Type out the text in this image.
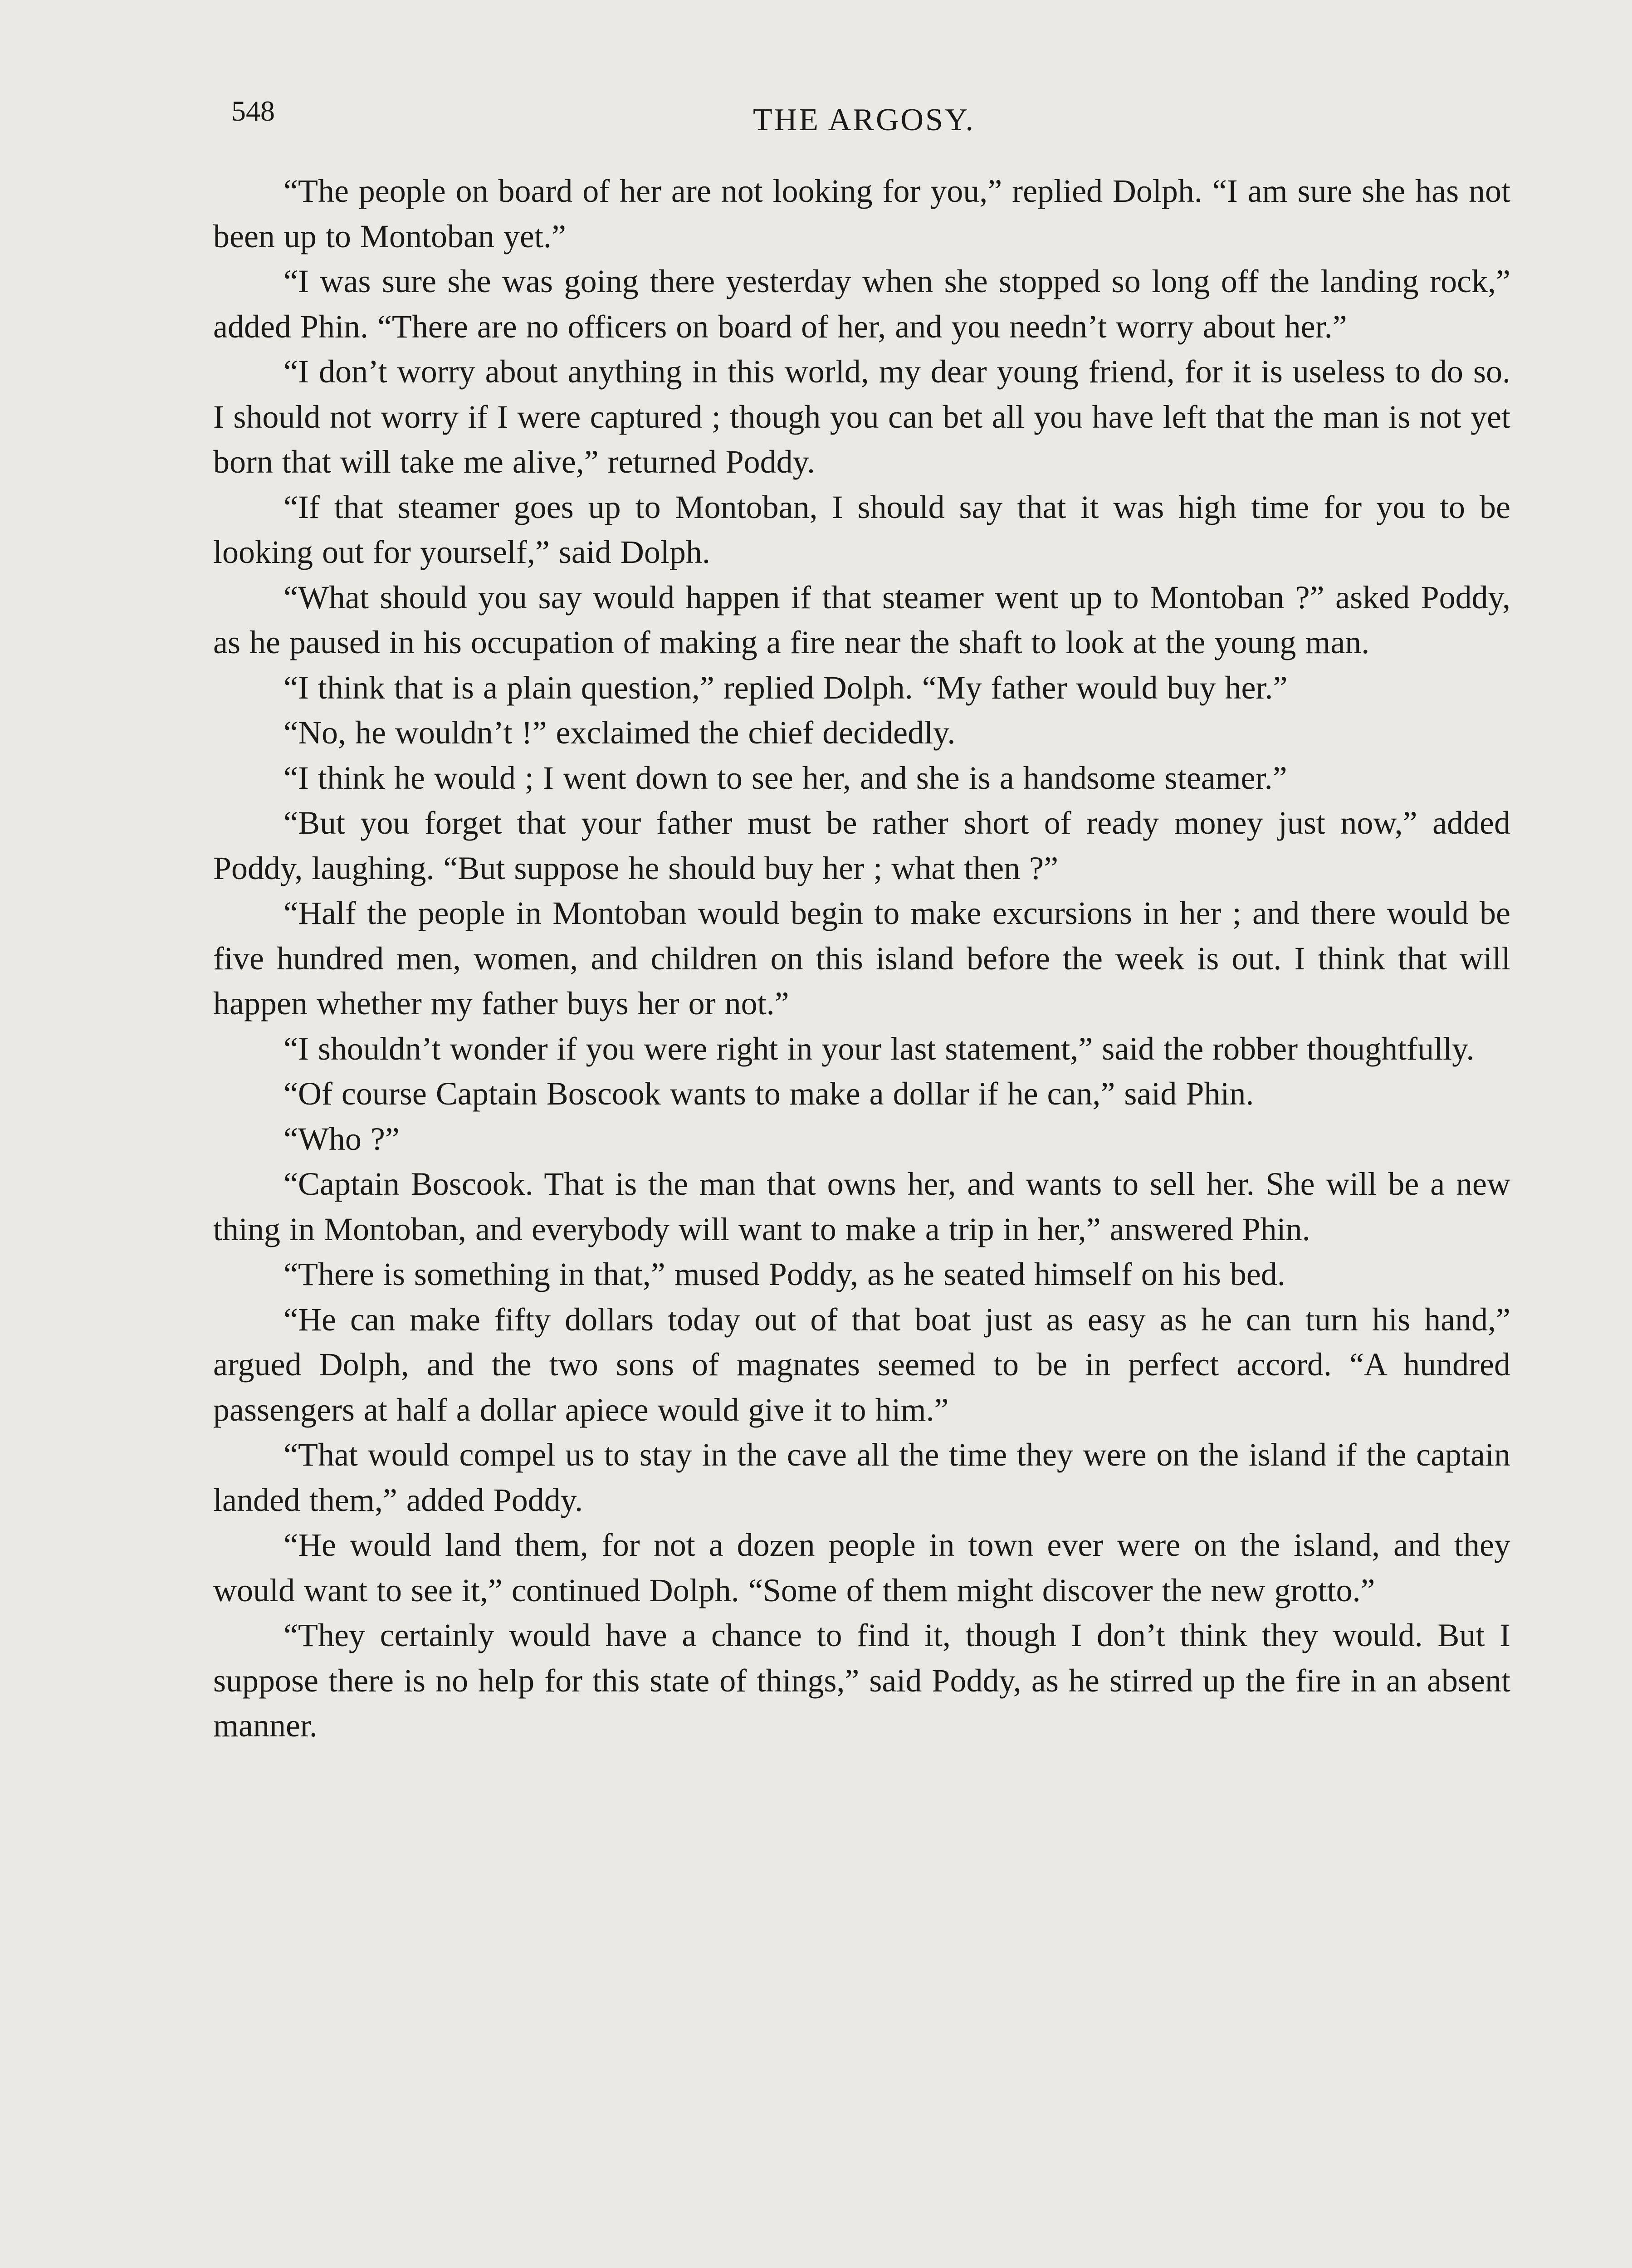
548	THE ARGOSY.

“The people on board of her are not looking for you,” replied Dolph. “I am sure she has not been up to Montoban yet.”

“I was sure she was going there yesterday when she stopped so long off the landing rock,” added Phin. “There are no officers on board of her, and you needn’t worry about her.”

“I don’t worry about anything in this world, my dear young friend, for it is useless to do so. I should not worry if I were captured ; though you can bet all you have left that the man is not yet born that will take me alive,” returned Poddy.

“If that steamer goes up to Montoban, I should say that it was high time for you to be looking out for yourself,” said Dolph.

“What should you say would happen if that steamer went up to Montoban ?” asked Poddy, as he paused in his occupation of making a fire near the shaft to look at the young man.

“I think that is a plain question,” replied Dolph. “My father would buy her.”

“No, he wouldn’t !” exclaimed the chief decidedly.

“I think he would ; I went down to see her, and she is a handsome steamer.”

“But you forget that your father must be rather short of ready money just now,” added Poddy, laughing. “But suppose he should buy her ; what then ?”

“Half the people in Montoban would begin to make excursions in her ; and there would be five hundred men, women, and children on this island before the week is out. I think that will happen whether my father buys her or not.”

“I shouldn’t wonder if you were right in your last statement,” said the robber thoughtfully.

“Of course Captain Boscook wants to make a dollar if he can,” said Phin.

“Who ?”

“Captain Boscook. That is the man that owns her, and wants to sell her. She will be a new thing in Montoban, and everybody will want to make a trip in her,” answered Phin.

“There is something in that,” mused Poddy, as he seated himself on his bed.

“He can make fifty dollars today out of that boat just as easy as he can turn his hand,” argued Dolph, and the two sons of magnates seemed to be in perfect accord. “A hundred passengers at half a dollar apiece would give it to him.”

“That would compel us to stay in the cave all the time they were on the island if the captain landed them,” added Poddy.

“He would land them, for not a dozen people in town ever were on the island, and they would want to see it,” continued Dolph. “Some of them might discover the new grotto.”

“They certainly would have a chance to find it, though I don’t think they would. But I suppose there is no help for this state of things,” said Poddy, as he stirred up the fire in an absent manner.
